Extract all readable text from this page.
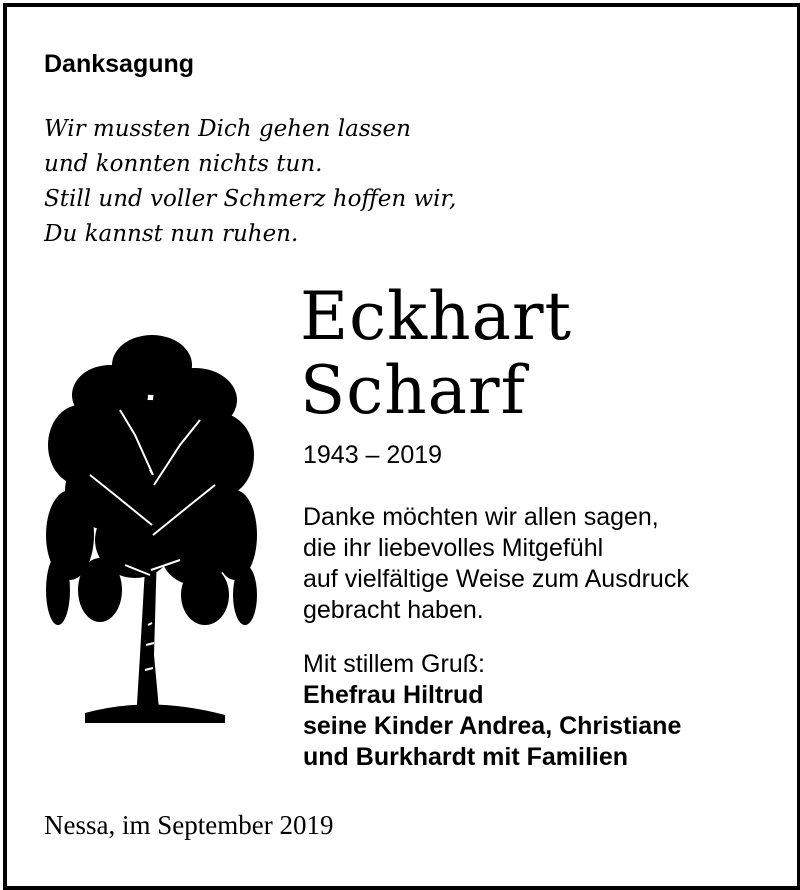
Danksagung
Wir mussten Dich gehen lassen
und konnten nichts tun.
Still und voller Schmerz hoffen wir,
Du kannst nun ruhen.
Eckhart
Scharf
1943 – 2019
Danke möchten wir allen sagen,
die ihr liebevolles Mitgefühl
auf vielfältige Weise zum Ausdruck
gebracht haben.
Mit stillem Gruß:
Ehefrau Hiltrud
seine Kinder Andrea, Christiane
und Burkhardt mit Familien
Nessa, im September 2019
